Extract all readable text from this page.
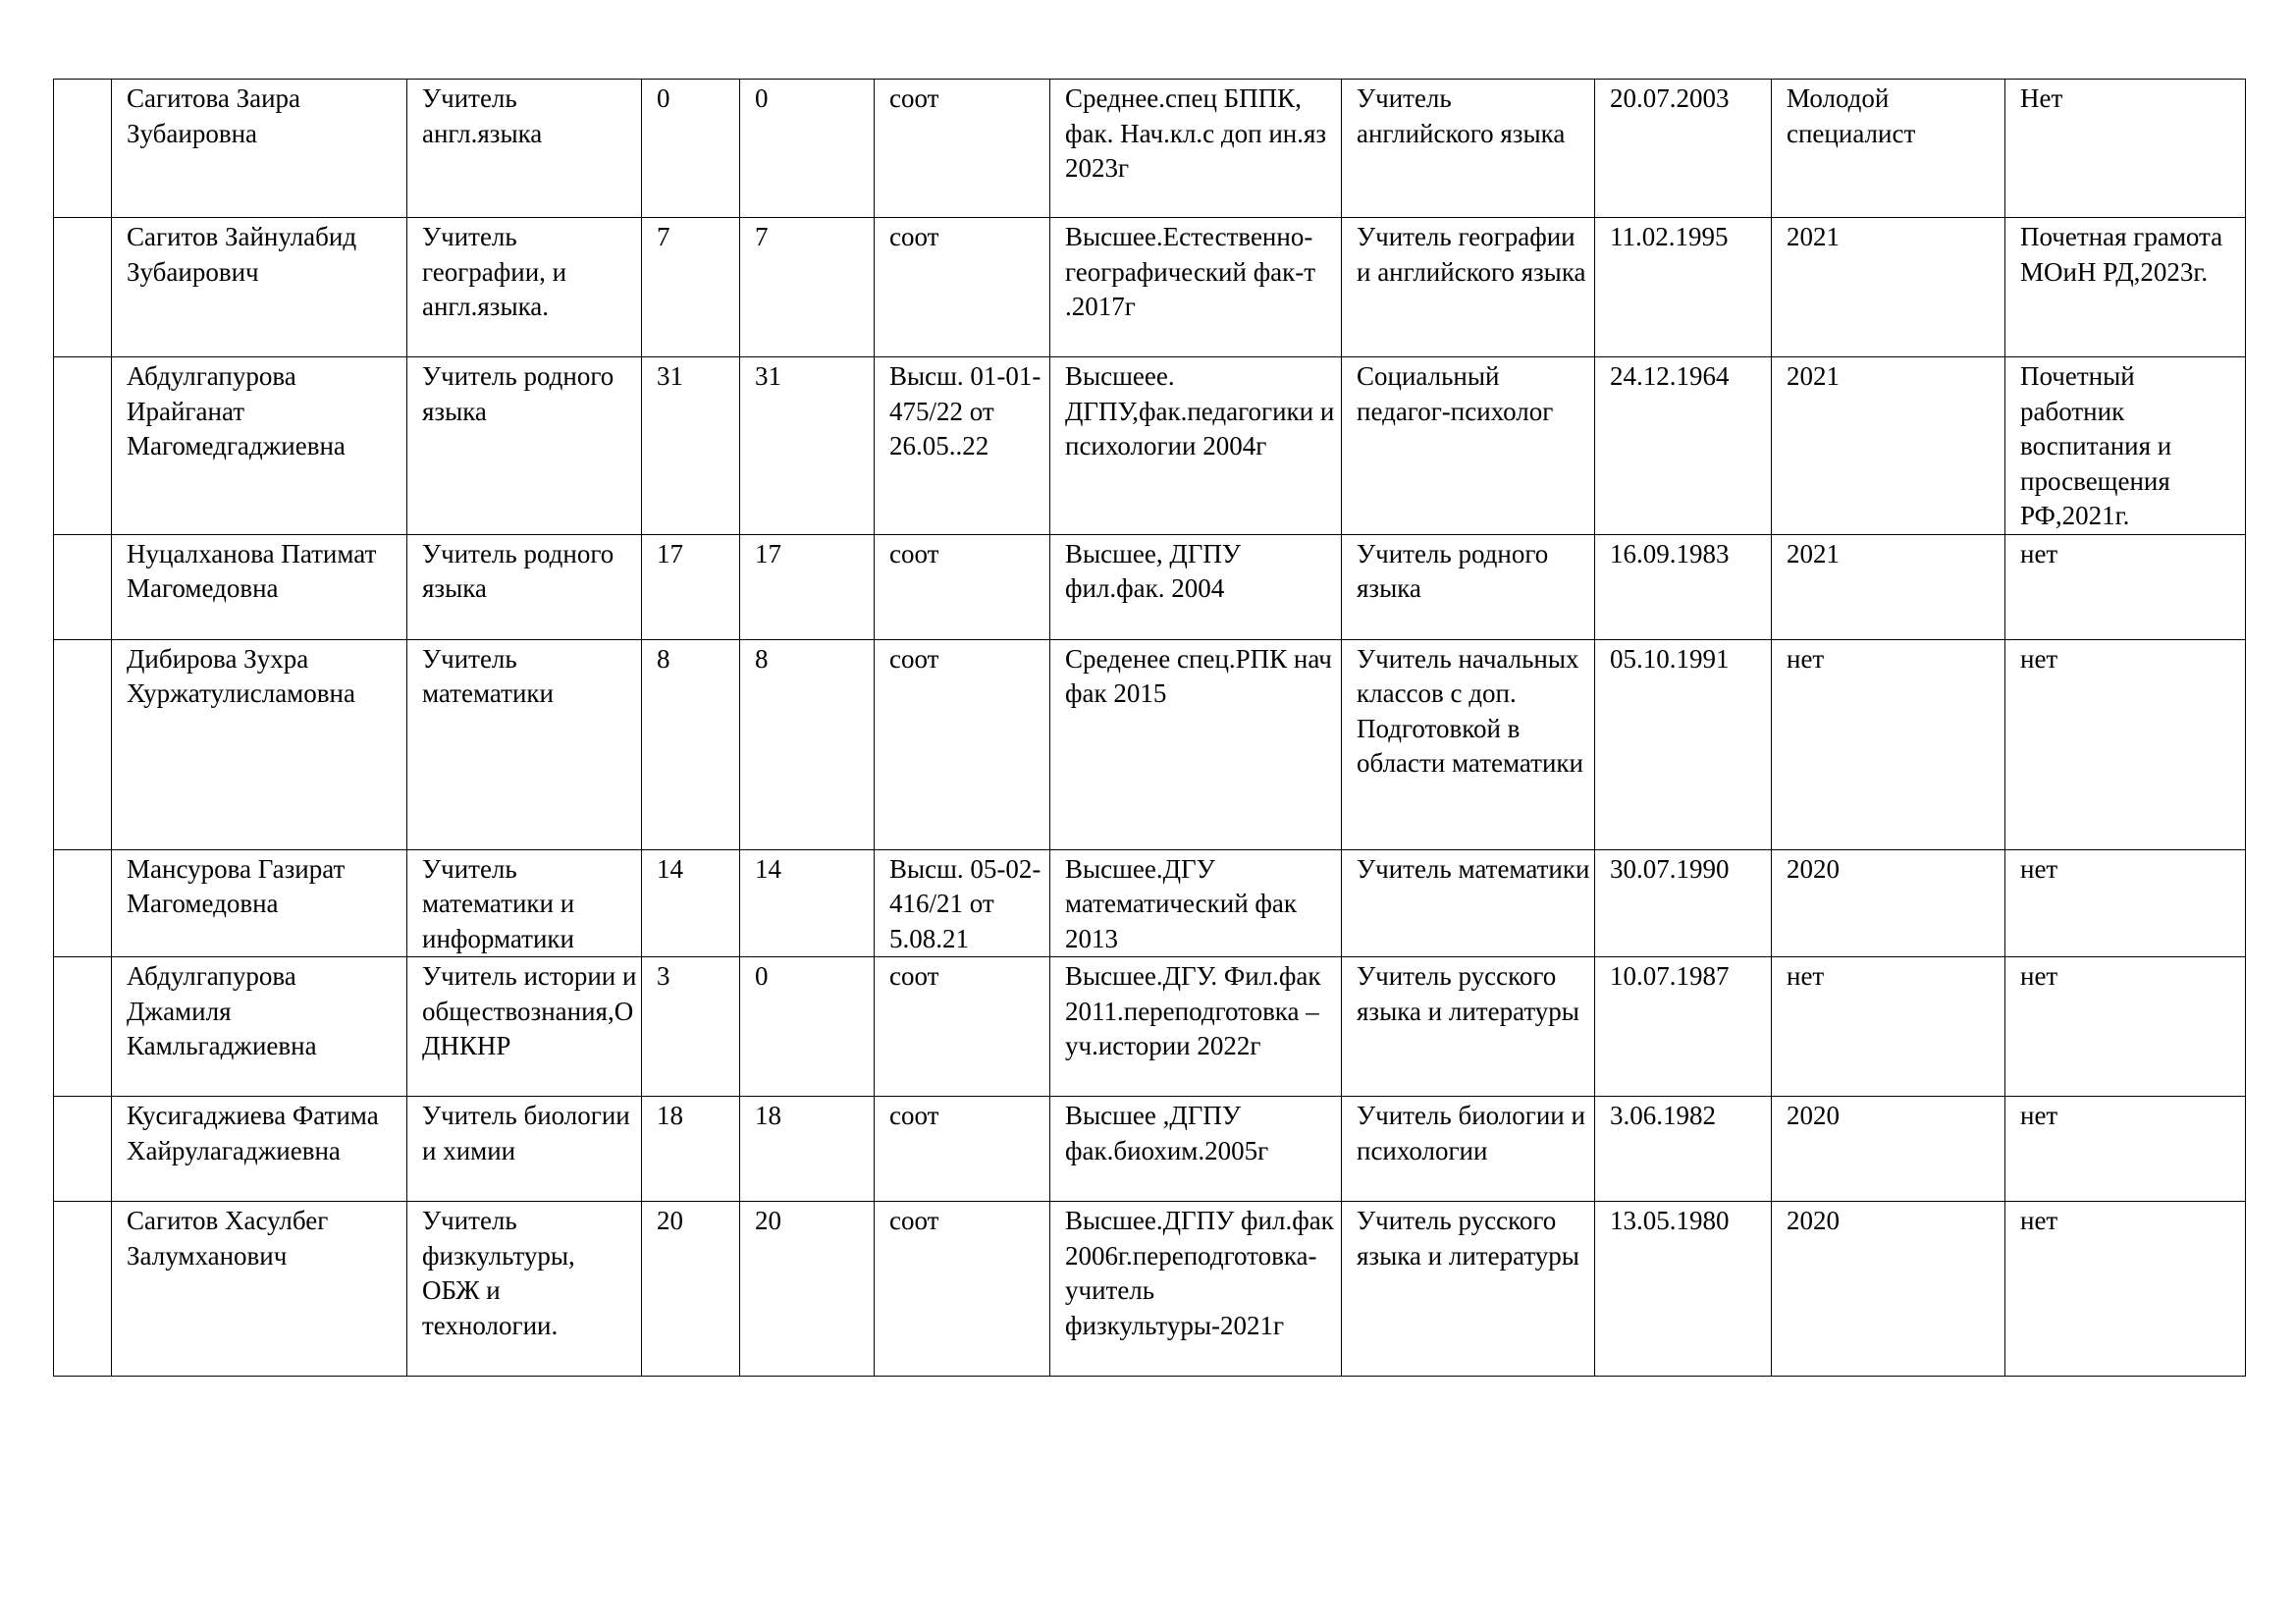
	Сагитова Заира Зубаировна	Учитель англ.языка	0	0	соот	Среднее.спец БППК, фак. Нач.кл.с доп ин.яз 2023г	Учитель английского языка	20.07.2003	Молодой специалист	Нет
	Сагитов Зайнулабид Зубаирович	Учитель географии, и англ.языка.	7	7	соот	Высшее.Естественно-географический фак-т .2017г	Учитель географии и английского языка	11.02.1995	2021	Почетная грамота МОиН РД,2023г.
	Абдулгапурова Ирайганат Магомедгаджиевна	Учитель родного языка	31	31	Высш. 01-01-475/22 от 26.05..22	Высшеее. ДГПУ,фак.педагогики и психологии 2004г	Социальный педагог-психолог	24.12.1964	2021	Почетный работник воспитания и просвещения РФ,2021г.
	Нуцалханова Патимат Магомедовна	Учитель родного языка	17	17	соот	Высшее, ДГПУ фил.фак. 2004	Учитель родного языка	16.09.1983	2021	нет
	Дибирова Зухра Хуржатулисламовна	Учитель математики	8	8	соот	Среденее спец.РПК нач фак 2015	Учитель начальных классов с доп. Подготовкой в области математики	05.10.1991	нет	нет
	Мансурова Газират Магомедовна	Учитель математики и информатики	14	14	Высш. 05-02-416/21 от 5.08.21	Высшее.ДГУ математический фак 2013	Учитель математики	30.07.1990	2020	нет
	Абдулгапурова Джамиля Камльгаджиевна	Учитель истории и обществознания,ОДНКНР	3	0	соот	Высшее.ДГУ. Фил.фак 2011.переподготовка –уч.истории 2022г	Учитель русского языка и литературы	10.07.1987	нет	нет
	Кусигаджиева Фатима Хайрулагаджиевна	Учитель биологии и химии	18	18	соот	Высшее ,ДГПУ фак.биохим.2005г	Учитель биологии и психологии	3.06.1982	2020	нет
	Сагитов Хасулбег Залумханович	Учитель физкультуры, ОБЖ и технологии.	20	20	соот	Высшее.ДГПУ фил.фак 2006г.переподготовка-учитель физкультуры-2021г	Учитель русского языка и литературы	13.05.1980	2020	нет
